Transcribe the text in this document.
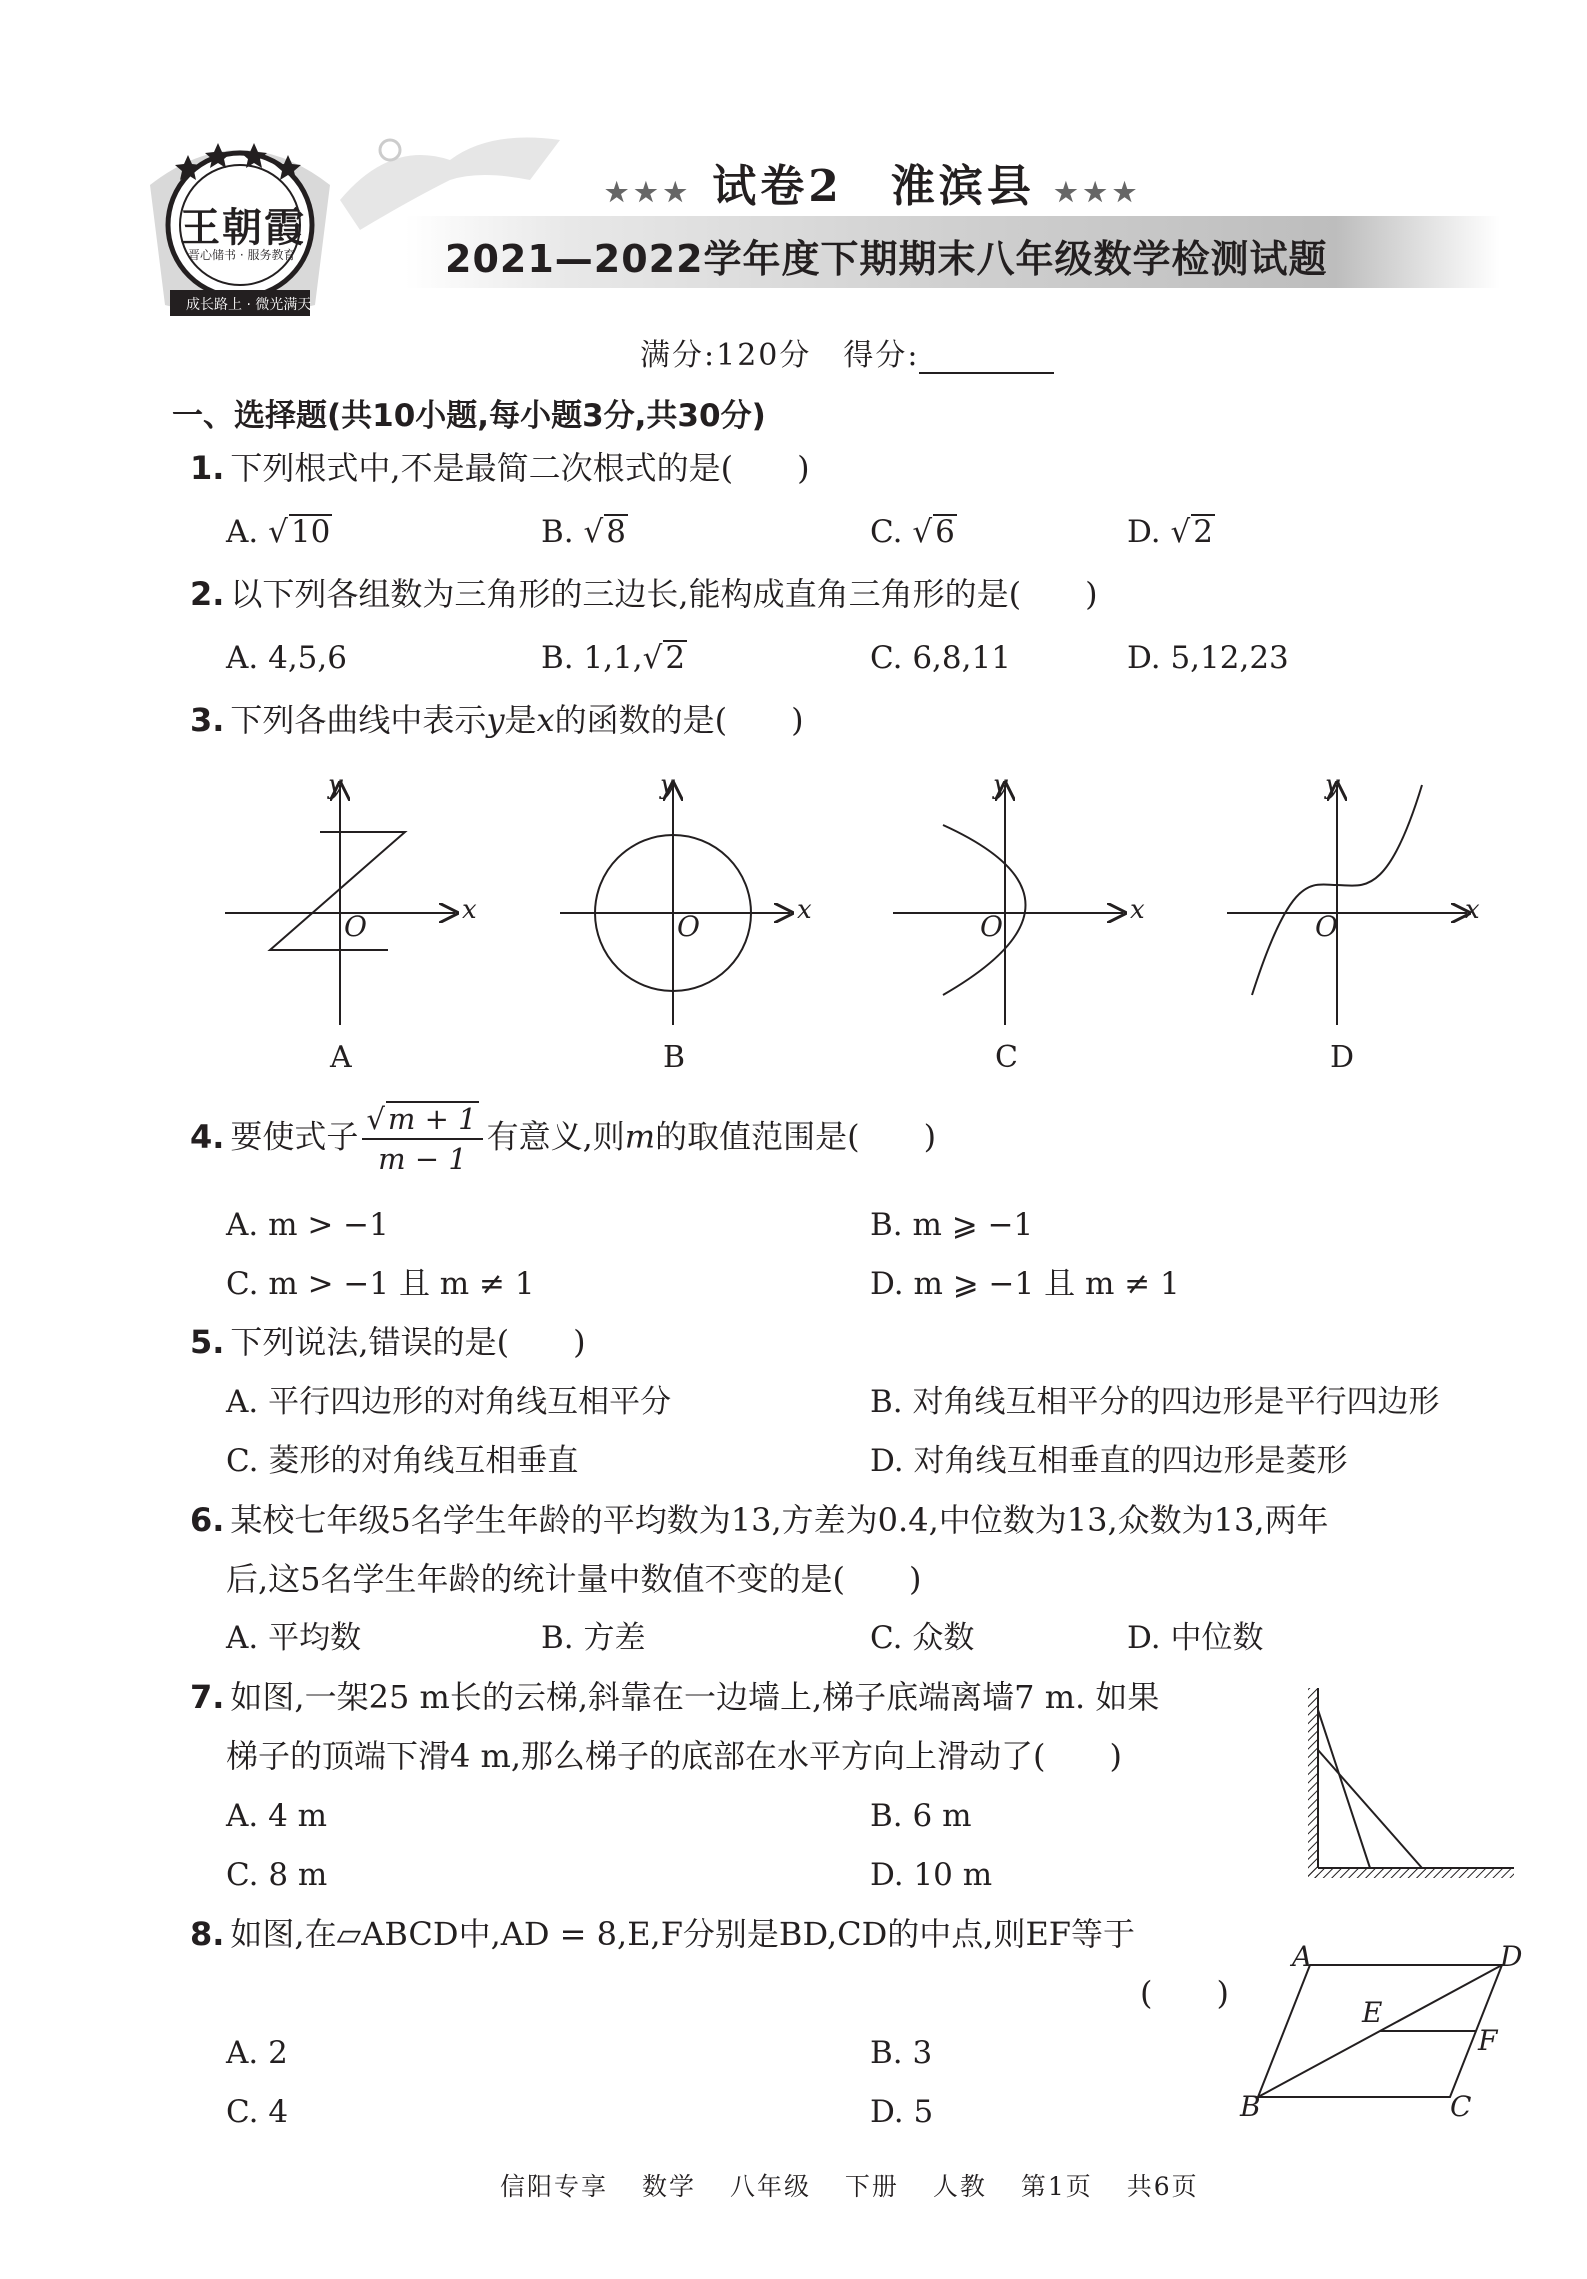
王朝霞
晋心储书 · 服务教育
成长路上 · 微光满天
★★★ 试卷2　淮滨县 ★★★
2021—2022学年度下期期末八年级数学检测试题
满分:120分　得分:
一、选择题(共10小题,每小题3分,共30分)
1. 下列根式中,不是最简二次根式的是(　　)
A. √10	B. √8	C. √6	D. √2
2. 以下列各组数为三角形的三边长,能构成直角三角形的是(　　)
A. 4,5,6	B. 1,1,√2	C. 6,8,11	D. 5,12,23
3. 下列各曲线中表示y是x的函数的是(　　)
x
y
O
A
x
y
O
B
x
y
O
C
x
y
O
D
4. 要使式子 $\frac{√ m + 1}{m - 1}$ 有意义,则m的取值范围是(　　)
A. m > −1	B. m ⩾ −1
C. m > −1 且 m ≠ 1	D. m ⩾ −1 且 m ≠ 1
5. 下列说法,错误的是(　　)
A. 平行四边形的对角线互相平分	B. 对角线互相平分的四边形是平行四边形
C. 菱形的对角线互相垂直	D. 对角线互相垂直的四边形是菱形
6. 某校七年级5名学生年龄的平均数为13,方差为0.4,中位数为13,众数为13,两年
后,这5名学生年龄的统计量中数值不变的是(　　)
A. 平均数	B. 方差	C. 众数	D. 中位数
7. 如图,一架25 m长的云梯,斜靠在一边墙上,梯子底端离墙7 m. 如果
梯子的顶端下滑4 m,那么梯子的底部在水平方向上滑动了(　　)
A. 4 m	B. 6 m
C. 8 m	D. 10 m
8. 如图,在▱ABCD中,AD = 8,E,F分别是BD,CD的中点,则EF等于
(　　)
A. 2	B. 3
C. 4	D. 5
A	D
E
F
B	C
信阳专享 数学 八年级 下册 人教 第1页 共6页
